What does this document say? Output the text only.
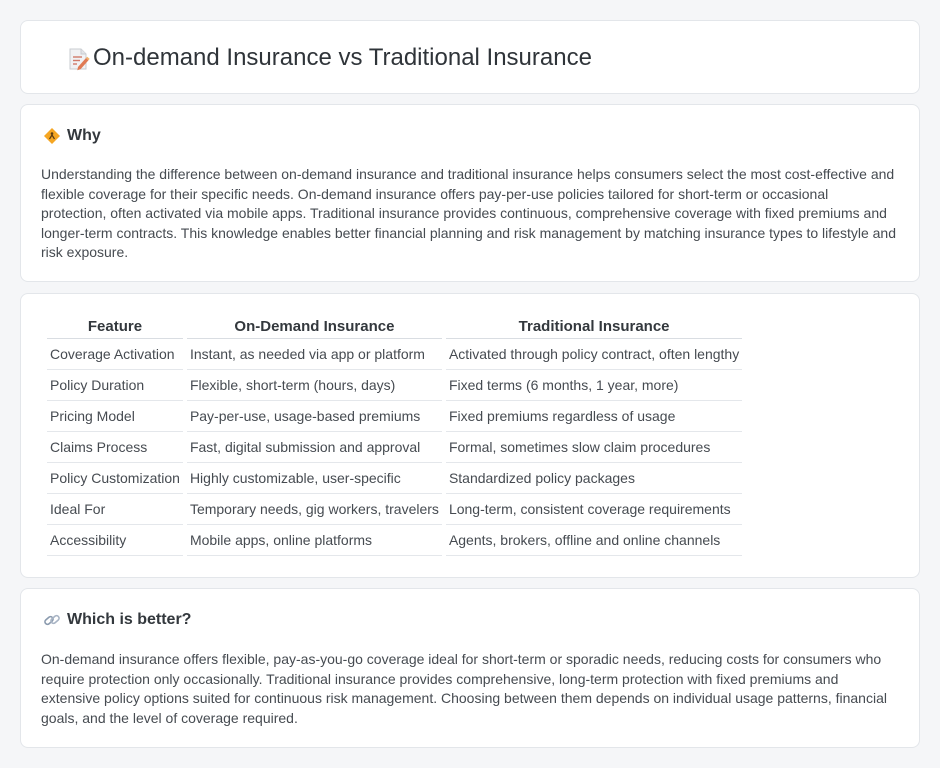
On-demand Insurance vs Traditional Insurance
Why

Understanding the difference between on-demand insurance and traditional insurance helps consumers select the most cost-effective and flexible coverage for their specific needs. On-demand insurance offers pay-per-use policies tailored for short-term or occasional protection, often activated via mobile apps. Traditional insurance provides continuous, comprehensive coverage with fixed premiums and longer-term contracts. This knowledge enables better financial planning and risk management by matching insurance types to lifestyle and risk exposure.

Feature	On-Demand Insurance	Traditional Insurance
Coverage Activation	Instant, as needed via app or platform	Activated through policy contract, often lengthy
Policy Duration	Flexible, short-term (hours, days)	Fixed terms (6 months, 1 year, more)
Pricing Model	Pay-per-use, usage-based premiums	Fixed premiums regardless of usage
Claims Process	Fast, digital submission and approval	Formal, sometimes slow claim procedures
Policy Customization	Highly customizable, user-specific	Standardized policy packages
Ideal For	Temporary needs, gig workers, travelers	Long-term, consistent coverage requirements
Accessibility	Mobile apps, online platforms	Agents, brokers, offline and online channels
Which is better?

On-demand insurance offers flexible, pay-as-you-go coverage ideal for short-term or sporadic needs, reducing costs for consumers who require protection only occasionally. Traditional insurance provides comprehensive, long-term protection with fixed premiums and extensive policy options suited for continuous risk management. Choosing between them depends on individual usage patterns, financial goals, and the level of coverage required.
